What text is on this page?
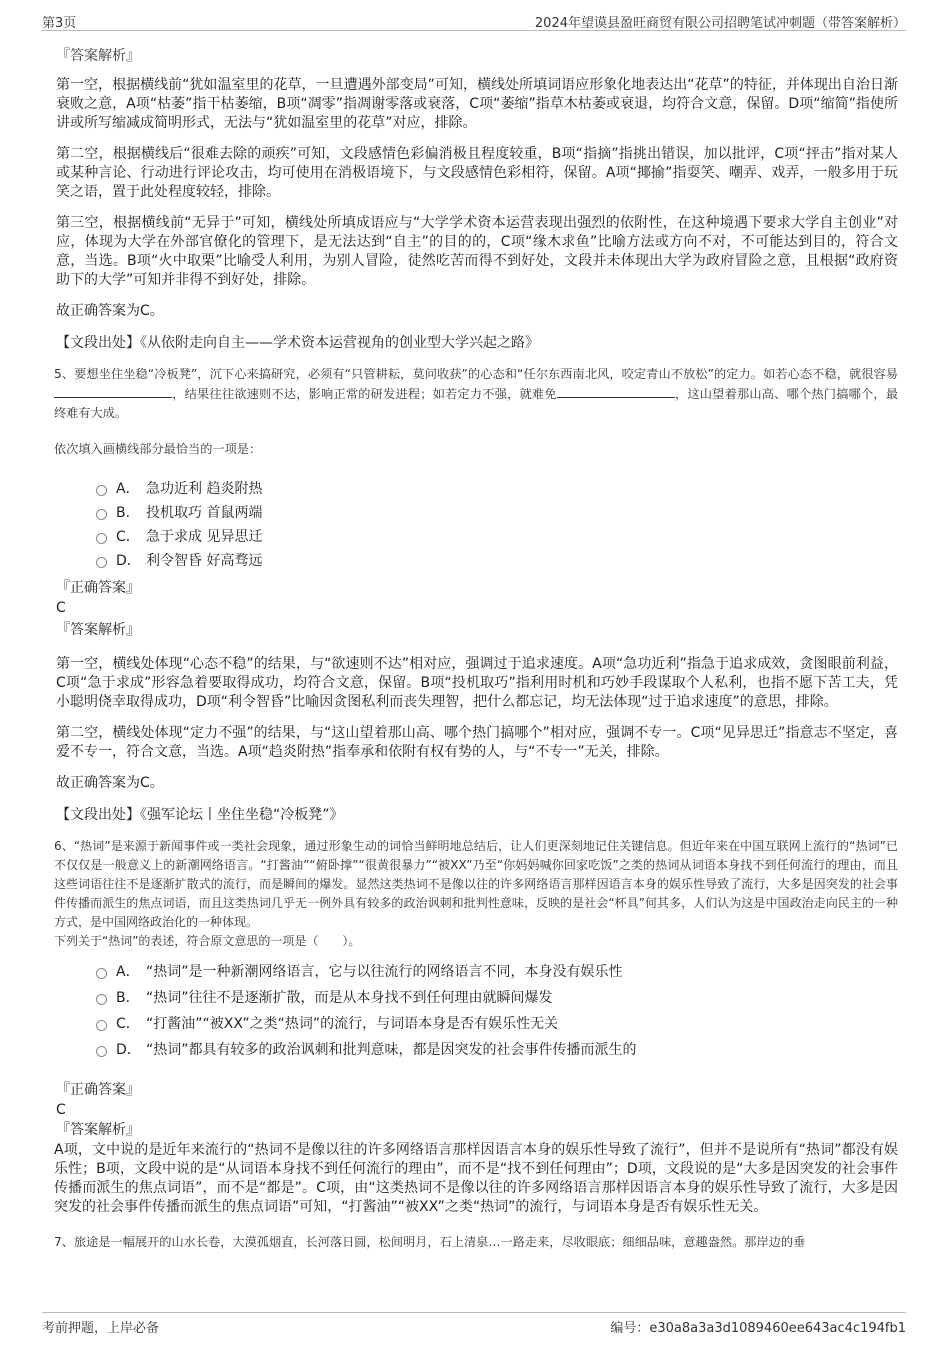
第3页	2024年望谟县盈旺商贸有限公司招聘笔试冲刺题（带答案解析）
『答案解析』

第一空，根据横线前“犹如温室里的花草，一旦遭遇外部变局”可知，横线处所填词语应形象化地表达出“花草”的特征，并体现出自治日渐衰败之意，A项“枯萎”指干枯萎缩，B项“凋零”指凋谢零落或衰落，C项“萎缩”指草木枯萎或衰退，均符合文意，保留。D项“缩简”指使所讲或所写缩减成简明形式，无法与“犹如温室里的花草”对应，排除。

第二空，根据横线后“很难去除的顽疾”可知，文段感情色彩偏消极且程度较重，B项“指摘”指挑出错误，加以批评，C项“抨击”指对某人或某种言论、行动进行评论攻击，均可使用在消极语境下，与文段感情色彩相符，保留。A项“揶揄”指耍笑、嘲弄、戏弄，一般多用于玩笑之语，置于此处程度较轻，排除。

第三空，根据横线前“无异于”可知，横线处所填成语应与“大学学术资本运营表现出强烈的依附性，在这种境遇下要求大学自主创业”对应，体现为大学在外部官僚化的管理下，是无法达到“自主”的目的的，C项“缘木求鱼”比喻方法或方向不对，不可能达到目的，符合文意，当选。B项“火中取栗”比喻受人利用，为别人冒险，徒然吃苦而得不到好处，文段并未体现出大学为政府冒险之意，且根据“政府资助下的大学”可知并非得不到好处，排除。

故正确答案为C。

【文段出处】《从依附走向自主——学术资本运营视角的创业型大学兴起之路》

5、要想坐住坐稳“冷板凳”，沉下心来搞研究，必须有“只管耕耘，莫问收获”的心态和“任尔东西南北风，咬定青山不放松”的定力。如若心态不稳，就很容易，结果往往欲速则不达，影响正常的研发进程；如若定力不强，就难免	，这山望着那山高、哪个热门搞哪个，最终难有大成。

依次填入画横线部分最恰当的一项是：

A． 急功近利 趋炎附热
B． 投机取巧 首鼠两端
C． 急于求成 见异思迁
D． 利令智昏 好高骛远
『正确答案』
C
『答案解析』

第一空，横线处体现“心态不稳”的结果，与“欲速则不达”相对应，强调过于追求速度。A项“急功近利”指急于追求成效，贪图眼前利益，C项“急于求成”形容急着要取得成功，均符合文意，保留。B项“投机取巧”指利用时机和巧妙手段谋取个人私利，也指不愿下苦工夫，凭小聪明侥幸取得成功，D项“利令智昏”比喻因贪图私利而丧失理智，把什么都忘记，均无法体现“过于追求速度”的意思，排除。

第二空，横线处体现“定力不强”的结果，与“这山望着那山高、哪个热门搞哪个”相对应，强调不专一。C项“见异思迁”指意志不坚定，喜爱不专一，符合文意，当选。A项“趋炎附热”指奉承和依附有权有势的人，与“不专一”无关，排除。

故正确答案为C。

【文段出处】《强军论坛丨坐住坐稳“冷板凳”》

6、“热词”是来源于新闻事件或一类社会现象，通过形象生动的词恰当鲜明地总结后，让人们更深刻地记住关键信息。但近年来在中国互联网上流行的“热词”已不仅仅是一般意义上的新潮网络语言。“打酱油”“俯卧撑”“很黄很暴力”“被XX”乃至“你妈妈喊你回家吃饭”之类的热词从词语本身找不到任何流行的理由，而且这些词语往往不是逐渐扩散式的流行，而是瞬间的爆发。显然这类热词不是像以往的许多网络语言那样因语言本身的娱乐性导致了流行，大多是因突发的社会事件传播而派生的焦点词语，而且这类热词几乎无一例外具有较多的政治讽刺和批判性意味，反映的是社会“杯具”何其多，人们认为这是中国政治走向民主的一种方式，是中国网络政治化的一种体现。

下列关于“热词”的表述，符合原文意思的一项是（　　）。

A． “热词”是一种新潮网络语言，它与以往流行的网络语言不同，本身没有娱乐性
B． “热词”往往不是逐渐扩散，而是从本身找不到任何理由就瞬间爆发
C． “打酱油”“被XX”之类“热词”的流行，与词语本身是否有娱乐性无关
D． “热词”都具有较多的政治讽刺和批判意味，都是因突发的社会事件传播而派生的
『正确答案』
C
『答案解析』

A项，文中说的是近年来流行的“热词不是像以往的许多网络语言那样因语言本身的娱乐性导致了流行”，但并不是说所有“热词”都没有娱乐性；B项，文段中说的是“从词语本身找不到任何流行的理由”，而不是“找不到任何理由”；D项，文段说的是“大多是因突发的社会事件传播而派生的焦点词语”，而不是“都是”。C项，由“这类热词不是像以往的许多网络语言那样因语言本身的娱乐性导致了流行，大多是因突发的社会事件传播而派生的焦点词语”可知，“打酱油”“被XX”之类“热词”的流行，与词语本身是否有娱乐性无关。

7、旅途是一幅展开的山水长卷，大漠孤烟直，长河落日圆，松间明月，石上清泉…一路走来，尽收眼底；细细品味，意趣盎然。那岸边的垂

考前押题，上岸必备	编号：e30a8a3a3d1089460ee643ac4c194fb1
